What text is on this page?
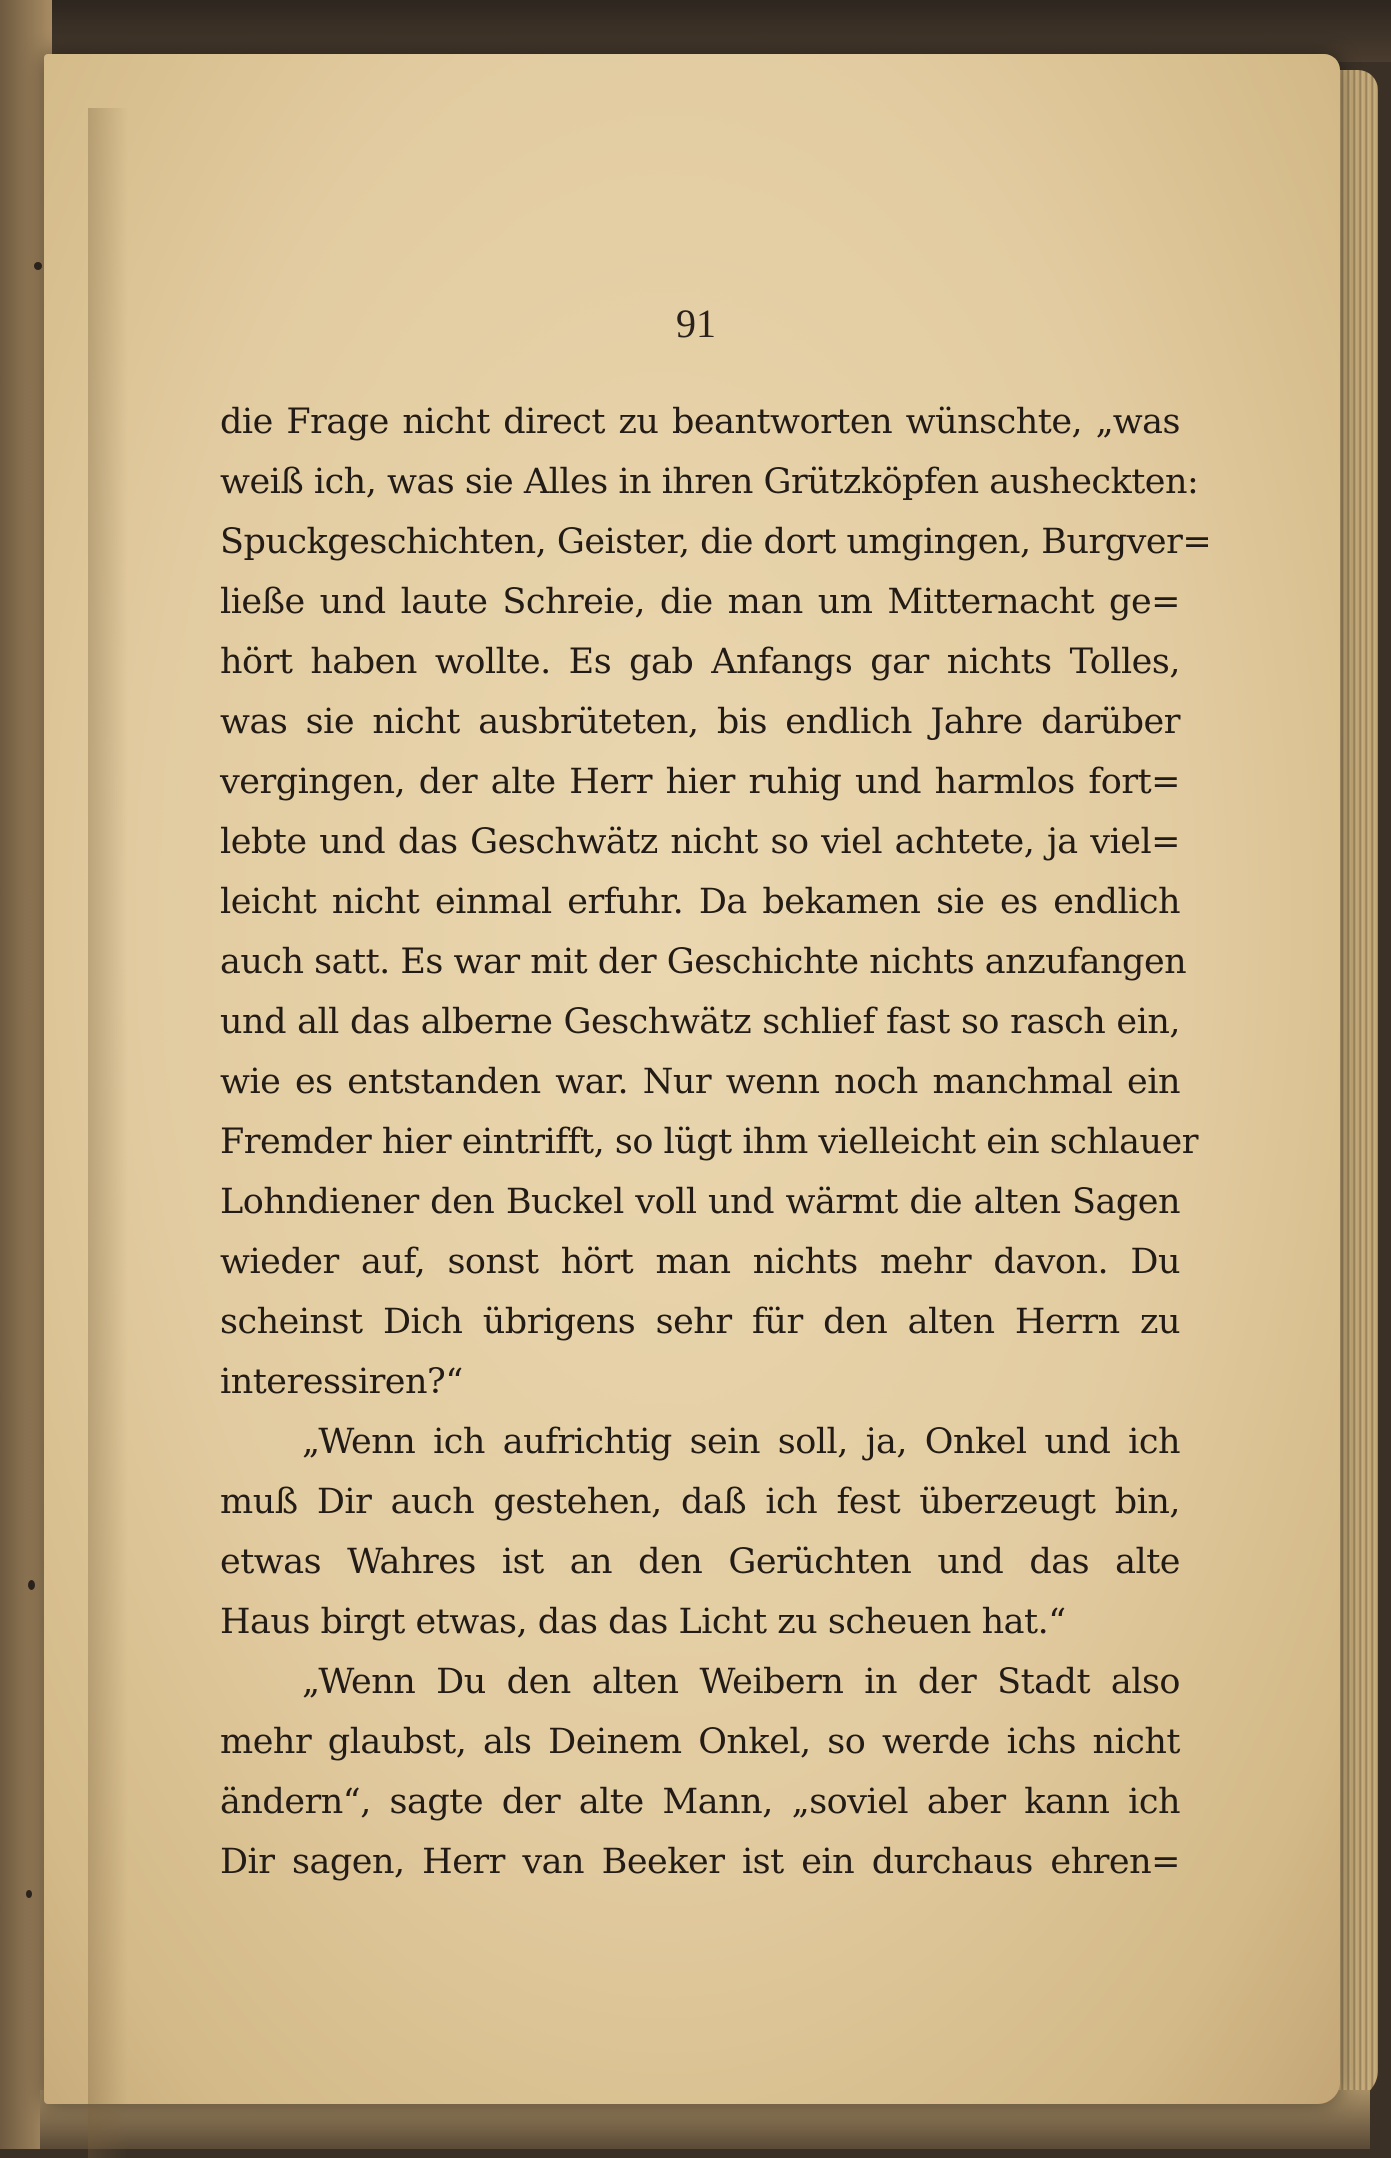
91
die Frage nicht direct zu beantworten wünschte, „was
weiß ich, was sie Alles in ihren Grützköpfen ausheckten:
Spuckgeschichten, Geister, die dort umgingen, Burgver=
ließe und laute Schreie, die man um Mitternacht ge=
hört haben wollte. Es gab Anfangs gar nichts Tolles,
was sie nicht ausbrüteten, bis endlich Jahre darüber
vergingen, der alte Herr hier ruhig und harmlos fort=
lebte und das Geschwätz nicht so viel achtete, ja viel=
leicht nicht einmal erfuhr. Da bekamen sie es endlich
auch satt. Es war mit der Geschichte nichts anzufangen
und all das alberne Geschwätz schlief fast so rasch ein,
wie es entstanden war. Nur wenn noch manchmal ein
Fremder hier eintrifft, so lügt ihm vielleicht ein schlauer
Lohndiener den Buckel voll und wärmt die alten Sagen
wieder auf, sonst hört man nichts mehr davon. Du
scheinst Dich übrigens sehr für den alten Herrn zu
interessiren?“
„Wenn ich aufrichtig sein soll, ja, Onkel und ich
muß Dir auch gestehen, daß ich fest überzeugt bin,
etwas Wahres ist an den Gerüchten und das alte
Haus birgt etwas, das das Licht zu scheuen hat.“
„Wenn Du den alten Weibern in der Stadt also
mehr glaubst, als Deinem Onkel, so werde ichs nicht
ändern“, sagte der alte Mann, „soviel aber kann ich
Dir sagen, Herr van Beeker ist ein durchaus ehren=
